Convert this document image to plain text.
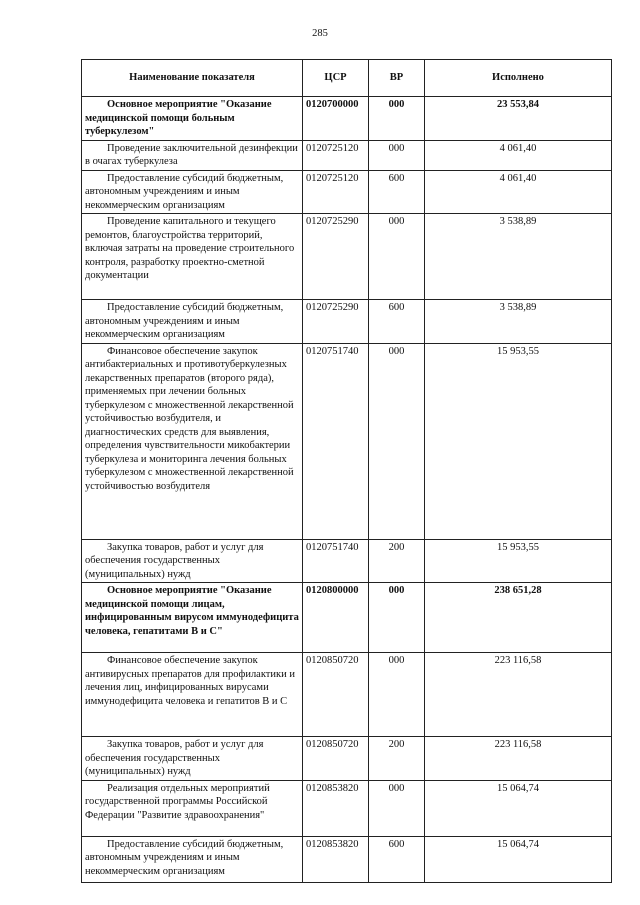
285
Наименование показателя	ЦСР	ВР	Исполнено
Основное мероприятие "Оказание медицинской помощи больным туберкулезом"	0120700000	000	23 553,84
Проведение заключительной дезинфекции в очагах туберкулеза	0120725120	000	4 061,40
Предоставление субсидий бюджетным, автономным учреждениям и иным некоммерческим организациям	0120725120	600	4 061,40
Проведение капитального и текущего ремонтов, благоустройства территорий, включая затраты на проведение строительного контроля, разработку проектно-сметной документации	0120725290	000	3 538,89
Предоставление субсидий бюджетным, автономным учреждениям и иным некоммерческим организациям	0120725290	600	3 538,89
Финансовое обеспечение закупок антибактериальных и противотуберкулезных лекарственных препаратов (второго ряда), применяемых при лечении больных туберкулезом с множественной лекарственной устойчивостью возбудителя, и диагностических средств для выявления, определения чувствительности микобактерии туберкулеза и мониторинга лечения больных туберкулезом с множественной лекарственной устойчивостью возбудителя	0120751740	000	15 953,55
Закупка товаров, работ и услуг для обеспечения государственных (муниципальных) нужд	0120751740	200	15 953,55
Основное мероприятие "Оказание медицинской помощи лицам, инфицированным вирусом иммунодефицита человека, гепатитами В и С"	0120800000	000	238 651,28
Финансовое обеспечение закупок антивирусных препаратов для профилактики и лечения лиц, инфицированных вирусами иммунодефицита человека и гепатитов В и С	0120850720	000	223 116,58
Закупка товаров, работ и услуг для обеспечения государственных (муниципальных) нужд	0120850720	200	223 116,58
Реализация отдельных мероприятий государственной программы Российской Федерации "Развитие здравоохранения"	0120853820	000	15 064,74
Предоставление субсидий бюджетным, автономным учреждениям и иным некоммерческим организациям	0120853820	600	15 064,74
